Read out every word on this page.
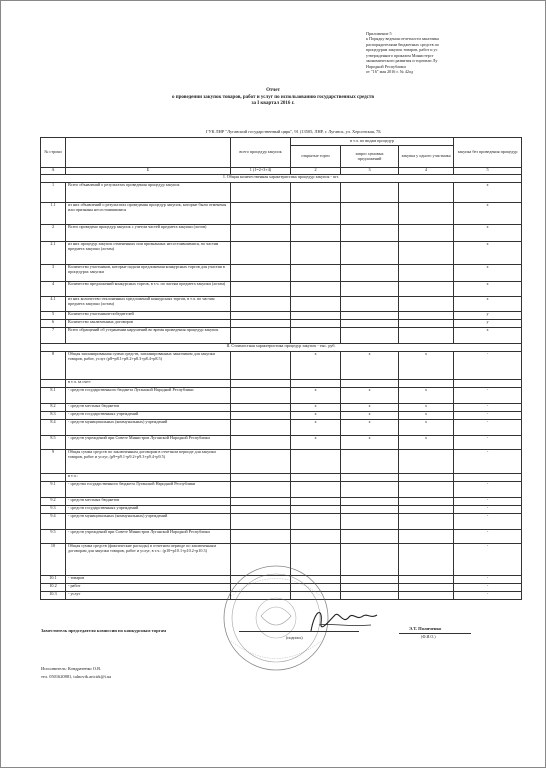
Приложение 5
к Порядку ведения отчетности заказчика
распорядителями бюджетных средств по
процедурам закупок товаров, работ и ус
утвержденного приказом Министерст
экономического развития и торговли Лу
Народной Республики
от "16" мая 2016 г. № 42од
Отчет
о проведении закупок товаров, работ и услуг по использованию государственных средств
за I квартал 2016 г.
ГУК ЛНР "Луганский государственный цирк", 91 (13505, ЛНР, г. Луганск, ул. Херсонская, 7Б
№ строки		всего процедур закупок	в т.ч. по видам процедур			закупка без проведения процедур
			открытые торги	запрос ценовых предложений	закупка у одного участника	
А	Б	1 (1=2+3+4)	2	3	4	5
I. Общая количественная характеристика процедур закупок - шт.						
1	Всего объявлений о результатах проведения процедур закупок					х
1.1	из них объявлений о результатах проведения процедур закупок, которые были отменены или признаны несостоявшимися					х
2	Всего проведено процедур закупок с учетом частей предмета закупки (лотов)					х
2.1	из них процедур закупок отмененных или признанных несостоявшимися, по частям предмета закупки (лотам)					х
3	Количество участников, которые подали предложения конкурсных торгов для участия в процедурах закупки					х
4	Количество предложений конкурсных торгов, в т.ч. по частям предмета закупки (лотам)					х
4.1	из них количество отклоненных предложений конкурсных торгов, в т.ч. по частям предмета закупки (лотам)					х
5	Количество участников-победителей					у
6	Количество заключенных договоров					у
7	Всего обращений об устранении нарушений во время проведения процедур закупок					х
II. Стоимостная характеристика процедур закупок - тыс. руб.						
8	Общая запланированная сумма средств, запланированных заказчиком для закупки товаров, работ, услуг (р8=р8.1+р8.2+р8.3+р8.4+р8.5)		х	х	х	-
	в т.ч. за счет:					
8.1	- средств государственного бюджета Луганской Народной Республики		х	х	х	-
8.2	- средств местных бюджетов		х	х	х	-
8.3	- средств государственных учреждений		х	х	х	-
8.4	- средств муниципальных (коммунальных) учреждений		х	х	х	-
8.5	- средств учреждений при Совете Министров Луганской Народной Республики		х	х	х	-
9	Общая сумма средств по заключенным договорам в отчетном периоде для закупки товаров, работ и услуг, (р9=р9.1+р9.2+р9.3+р9.4+р9.5)					-
	в т.ч.:					
9.1	- средства государственного бюджета Луганской Народной Республики					-
9.2	- средств местных бюджетов					-
9.3	- средств государственных учреждений					-
9.4	- средств муниципальных (коммунальных) учреждений					-
9.5	- средств учреждений при Совете Министров Луганской Народной Республики					-
10	Общая сумма средств (фактические расходы) в отчетном периоде по заключенным договорам для закупки товаров, работ и услуг, в т.ч.: (р10=р10.1+р10.2+р10.3)					-
10.1	- товаров					-
10.2	- работ					-
10.3	- услуг					-
Заместитель председателя комиссии по конкурсным торгам
(подпись)
Э.Т. Поличенко
(Ф.И.О.)
Исполнитель: Кондратенко О.В.
тел. 0501620881, tulnovik.artcirk@i.ua
